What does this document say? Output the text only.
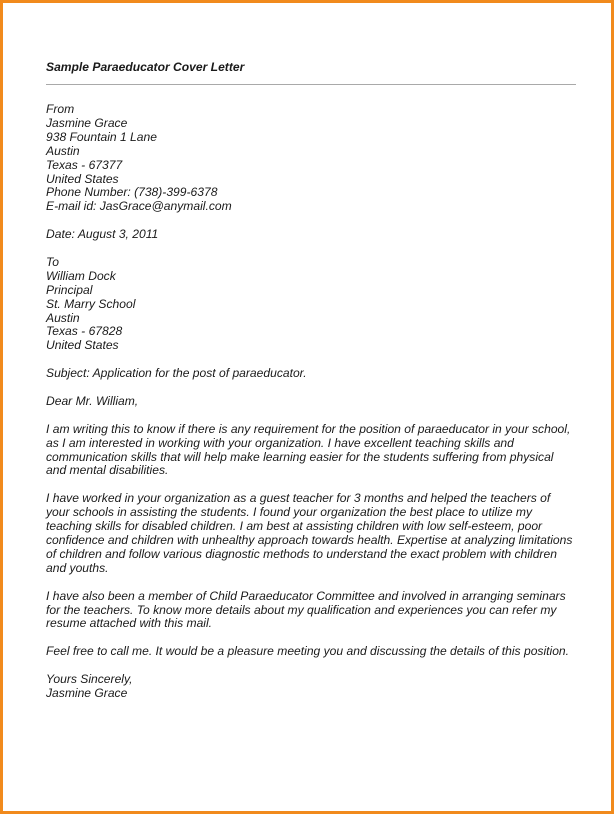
Sample Paraeducator Cover Letter
From
Jasmine Grace
938 Fountain 1 Lane
Austin
Texas - 67377
United States
Phone Number: (738)-399-6378
E-mail id: JasGrace@anymail.com
Date: August 3, 2011
To
William Dock
Principal
St. Marry School
Austin
Texas - 67828
United States
Subject: Application for the post of paraeducator.
Dear Mr. William,
I am writing this to know if there is any requirement for the position of paraeducator in your school,
as I am interested in working with your organization. I have excellent teaching skills and
communication skills that will help make learning easier for the students suffering from physical
and mental disabilities.
I have worked in your organization as a guest teacher for 3 months and helped the teachers of
your schools in assisting the students. I found your organization the best place to utilize my
teaching skills for disabled children. I am best at assisting children with low self-esteem, poor
confidence and children with unhealthy approach towards health. Expertise at analyzing limitations
of children and follow various diagnostic methods to understand the exact problem with children
and youths.
I have also been a member of Child Paraeducator Committee and involved in arranging seminars
for the teachers. To know more details about my qualification and experiences you can refer my
resume attached with this mail.
Feel free to call me. It would be a pleasure meeting you and discussing the details of this position.
Yours Sincerely,
Jasmine Grace
